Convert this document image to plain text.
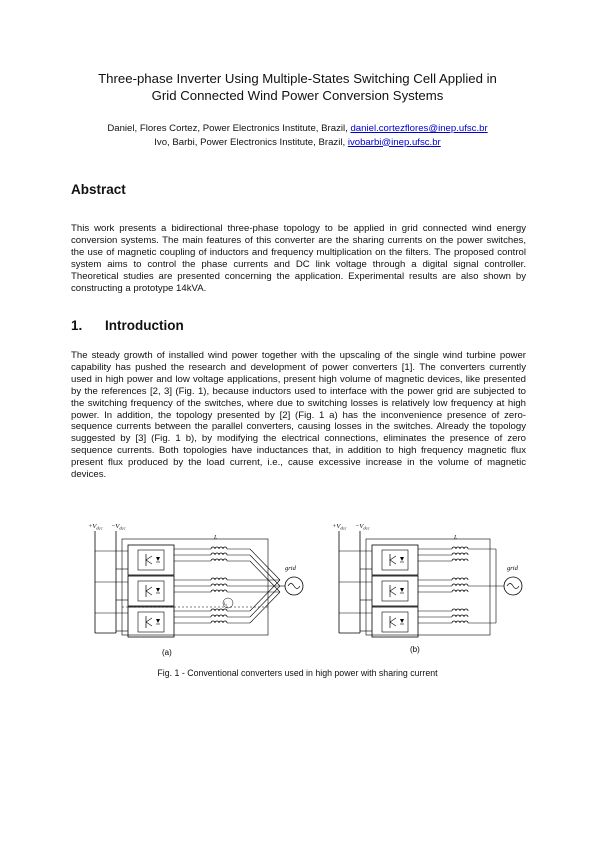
Three-phase Inverter Using Multiple-States Switching Cell Applied in
Grid Connected Wind Power Conversion Systems
Daniel, Flores Cortez, Power Electronics Institute, Brazil, daniel.cortezflores@inep.ufsc.br
Ivo, Barbi, Power Electronics Institute, Brazil, ivobarbi@inep.ufsc.br
Abstract

This work presents a bidirectional three-phase topology to be applied in grid connected wind energy conversion systems. The main features of this converter are the sharing currents on the power switches, the use of magnetic coupling of inductors and frequency multiplication on the filters. The proposed control system aims to control the phase currents and DC link voltage through a digital signal controller. Theoretical studies are presented concerning the application. Experimental results are also shown by constructing a prototype 14kVA.

1. Introduction

The steady growth of installed wind power together with the upscaling of the single wind turbine power capability has pushed the research and development of power converters [1]. The converters currently used in high power and low voltage applications, present high volume of magnetic devices, like presented by the references [2, 3] (Fig. 1), because inductors used to interface with the power grid are subjected to the switching frequency of the switches, where due to switching losses is relatively low frequency at high power. In addition, the topology presented by [2] (Fig. 1 a) has the inconvenience presence of zero-sequence currents between the parallel converters, causing losses in the switches. Already the topology suggested by [3] (Fig. 1 b), by modifying the electrical connections, eliminates the presence of zero sequence currents. Both topologies have inductances that, in addition to high frequency magnetic flux present flux produced by the load current, i.e., cause excessive increase in the volume of magnetic devices.

$+V_{dcc} -V_{dcc}$
L
i₀
grid
(a)
$+V_{dcc} -V_{dcc}$
L
grid
(b)
Fig. 1 - Conventional converters used in high power with sharing current
